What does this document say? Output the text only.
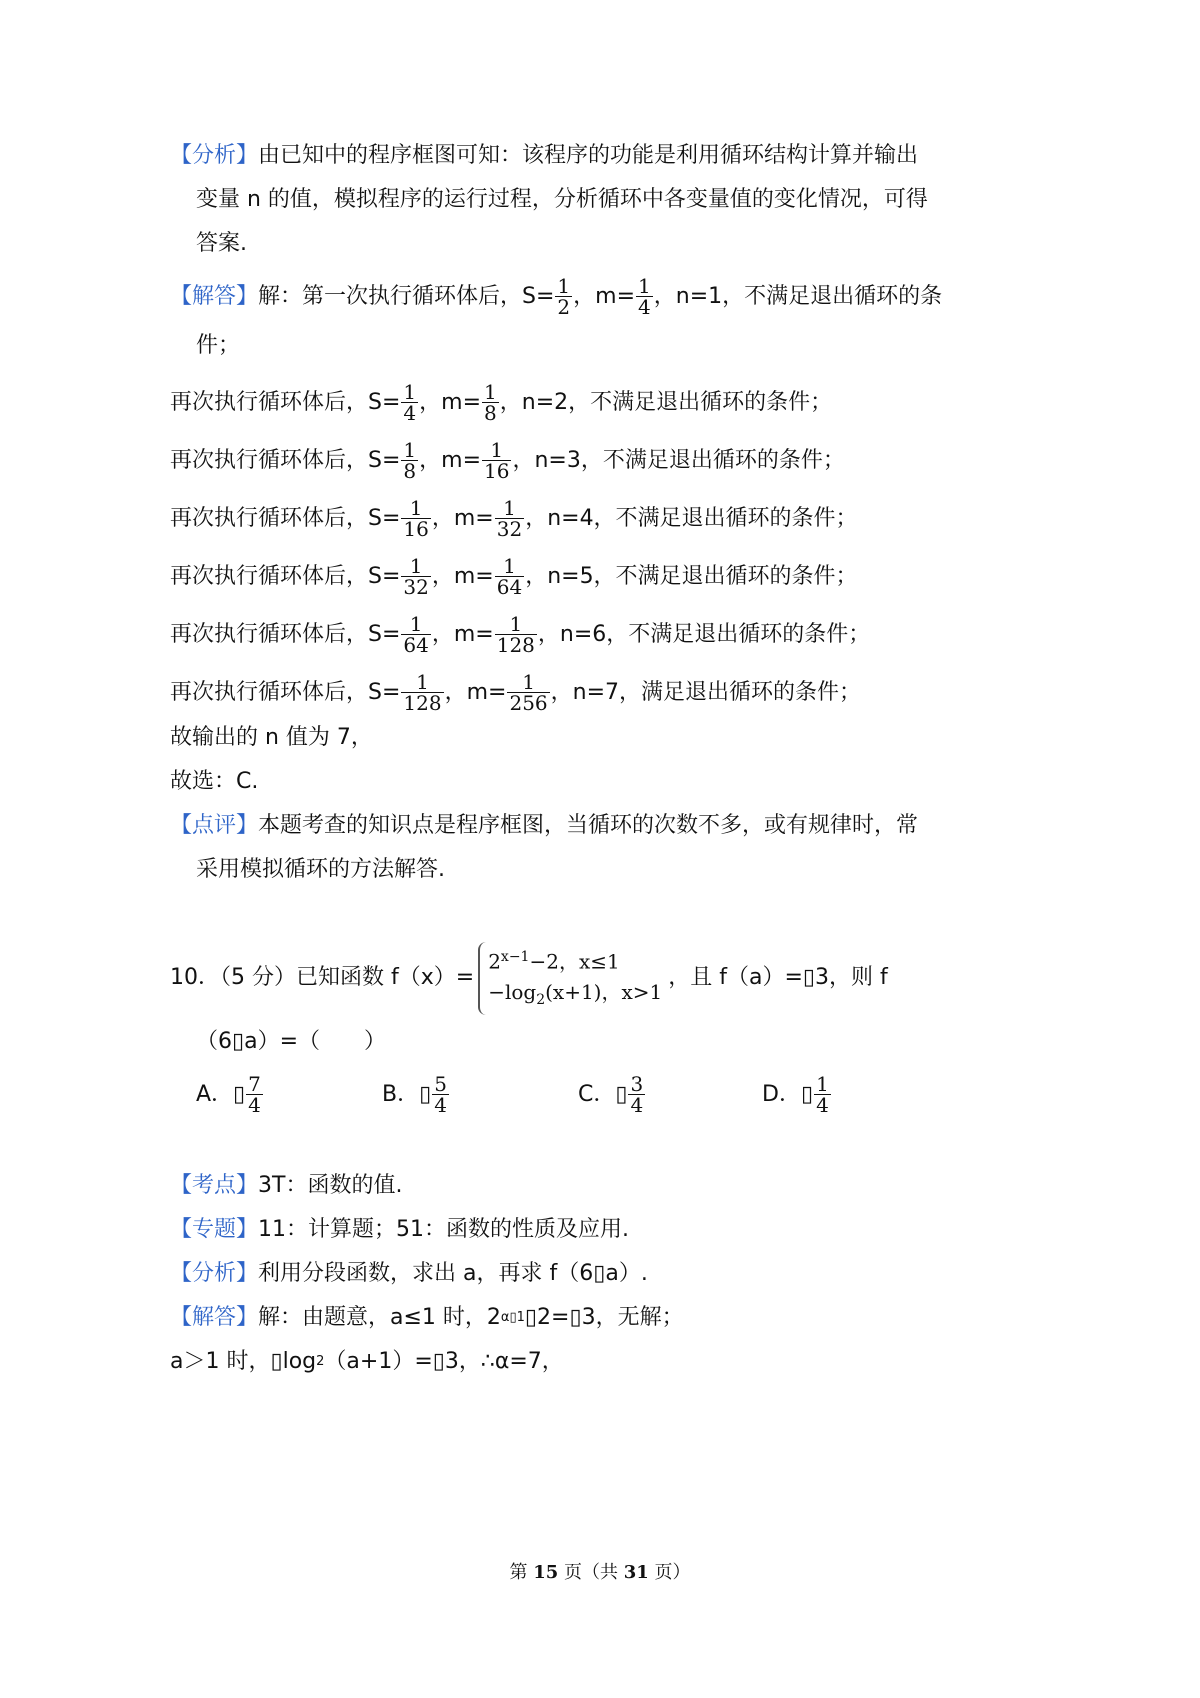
【分析】 由已知中的程序框图可知：该程序的功能是利用循环结构计算并输出
变量 n 的值，模拟程序的运行过程，分析循环中各变量值的变化情况，可得
答案.
【解答】 解：第一次执行循环体后，$S= \frac{1}{2}$ ，$m= \frac{1}{4}$ ，n=1，不满足退出循环的条
件；
再次执行循环体后，$S= \frac{1}{4}$ ，$m= \frac{1}{8}$ ，n=2，不满足退出循环的条件；
再次执行循环体后，$S= \frac{1}{8}$ ，$m= \frac{1}{16}$ ，n=3，不满足退出循环的条件；
再次执行循环体后，$S= \frac{1}{16}$ ，$m= \frac{1}{32}$ ，n=4，不满足退出循环的条件；
再次执行循环体后，$S= \frac{1}{32}$ ，$m= \frac{1}{64}$ ，n=5，不满足退出循环的条件；
再次执行循环体后，$S= \frac{1}{64}$ ，$m= \frac{1}{128}$ ，n=6，不满足退出循环的条件；
再次执行循环体后，$S= \frac{1}{128}$ ，$m= \frac{1}{256}$ ，n=7，满足退出循环的条件；
故输出的 n 值为 7，
故选：C.
【点评】 本题考查的知识点是程序框图，当循环的次数不多，或有规律时，常
采用模拟循环的方法解答.
10．（5 分）已知函数 f（x）=
$2^{x-1}-2$，x≤1
$-\log_2(x+1)$，x>1
，且 f（a）=▯3，则 f
（6▯a）=（　　）
A．▯ $\frac{7}{4}$	B．▯ $\frac{5}{4}$	C．▯ $\frac{3}{4}$	D．▯ $\frac{1}{4}$
【考点】 3T：函数的值.
【专题】 11：计算题；51：函数的性质及应用.
【分析】 利用分段函数，求出 a，再求 f（6▯a）.
【解答】 解：由题意，a≤1 时，2 α▯1 ▯2=▯3，无解；
a＞1 时，▯log 2 （a+1）=▯3，∴α=7，
第 15 页（共 31 页）
